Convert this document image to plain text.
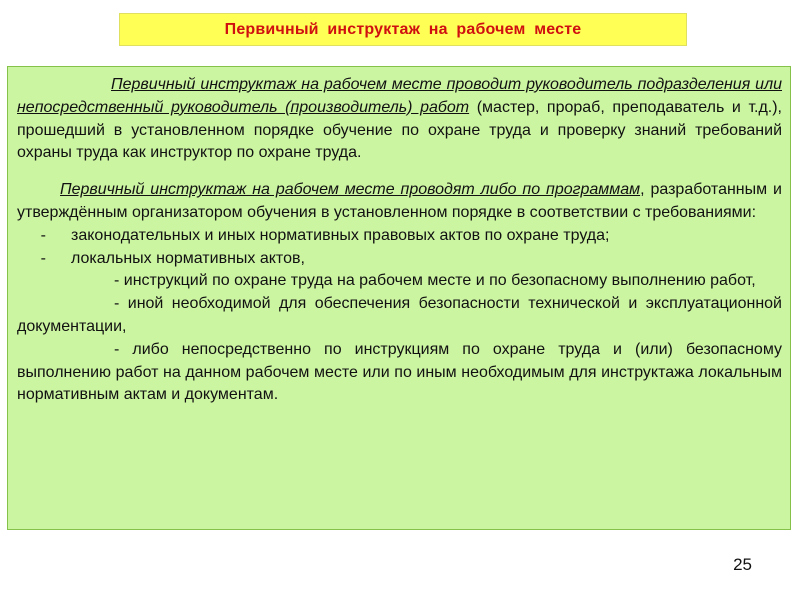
Первичный инструктаж на рабочем месте

Первичный инструктаж на рабочем месте проводит руководитель подразделения или непосредственный руководитель (производитель) работ (мастер, прораб, преподаватель и т.д.), прошедший в установленном порядке обучение по охране труда и проверку знаний требований охраны труда как инструктор по охране труда.

Первичный инструктаж на рабочем месте проводят либо по программам, разработанным и утверждённым организатором обучения в установленном порядке в соответствии с требованиями:

-	законодательных и иных нормативных правовых актов по охране труда;
-	локальных нормативных актов,

- инструкций по охране труда на рабочем месте и по безопасному выполнению работ,

- иной необходимой для обеспечения безопасности технической и эксплуатационной документации,

- либо непосредственно по инструкциям по охране труда и (или) безопасному выполнению работ на данном рабочем месте или по иным необходимым для инструктажа локальным нормативным актам и документам.

25
